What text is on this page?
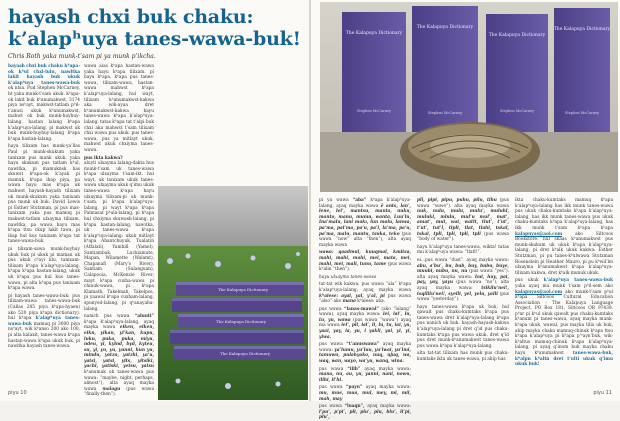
hayash chxi buk chaku:
k’alapʰuya tanes-wawa-buk!

Chris Roth yaka munk-t’sam pi ya munk p’ikcha.

hayash chxi buk chaku kʰapa-ok kʰul chxi-lulu, nawitka lakit hayash buk ukuk k’alapʰuya tanes-wawa-buk ok ntsa. Pud Stephen McCarney, ht yaka munk-t’sam ukuk. kʰapa-ok lakit buk kʰanumakwst, 3174 piya nsʰayt, makwst-tatlam pʰil-t’anusi ukuk kʰanumakwst, mahwt ok buk munk-huyhuy-lalang. hastan lalang kʰapa k’alapʰuya-lalang, pi makwst uk buk munk-huyhuy-lalang kʰapa kʰapa hastan-lalang.

hayu tilixam has munk-ya’llas Paul pi munk-skukum yaka tanixam pus munk ukuk. yaka hayu skukum pus tatlam kʰul, nawitka, pi mamuknsk has skuwst kʰapa-ok k’ayak pi mamuk. kʰapa ibap piya, pa wawa hayu mas kʰapa uk mahwst hayash-hayash tilixam uk munk-skukum yaka tanixam pus munk uk buk: David Lewis pi Esther Stutzman, pi pus mas-tanixam yaka pus mamuq pi makwst-tatlam ulxayma tilixam, nawitka, pa wawa hayu mas kʰapa ttsu ckup lakit tawa, pi ibap hul kus tanixam kʰapa tat tanes-wawa-buk.

pi tilixam-sawa munk-huyhuy ukuk buk pi ukuk pi maman uk pus ukuk cʰayi klu, tanixam-tilixam kʰapa k’alapʰuya-lalang. kʰapa kʰapa hastan-lalang, ukuk uk kʰapa pus hul kus tanes-wawa, pi alta kʰapa pus tanixam kʰapa wawa.

pi hayash tanes-wawa-buk: pus tilixam-wawa tanes-wawa-buk (Callas 285 piya kʰapa-hyaen) ako 520 piya kʰapa dictionary). hul kʰapa k’alapʰuya tanes-wawa-buk mamuq pi 3000 piya nsʰayt, wik kʰanso 200 ako 100, pi alta kalaxit, tanes-wawa kʰapa hastan-wawa kʰapa ukuk buk, pi nawitka hayash tanes-wawa.

wawa aias kʰapa hastan-wawa yaka hayu kʰapa tilixam. pi hayu kʰapa. kʰapa pus tanes-wawa, tilixam-wawa, hastan-wawa mahwst kʰapa k’alapʰuya-lalang, hul wayt, tilixam kʰanumakwst-kakwa aka wik-ayaa dret kʰanumakwst-kakwa hayu tanes-wawa kʰapa k’alapʰuya-lalang. tatas kʰapa tat t’alpi buk chxi aka mahwst t’sam tilixam chxi wawa pus ukuk. pus tanes-wawa, pus ya mitlayt ukuk, mahwst ukuk chxiyma tanes-wawa.

pus ikta kakwa?
aluyti ulxayma lalang-dakta hus munk-t’sam uk tanes-wawa kʰapa ulxayma t’sam-ikt. hul wayt, uk tanixam ukuk tanes-wawa ulxayma ukuk q’imu ukuk tanes-wawa kʰapa hayu ulxayma tilixam-pi uk munk-t’sam. pi kʰapa k’alapʰuya-lalang, pi wayt kʰapa kʰapa Palmasat pʰula-lalang, pi kʰapa hul chxiyma skuwash-lalang, pi kʰapa hastan-lalang, nawitka, uk tanes-wawa kʰapa k’alapʰuya-lalang: ukuk mitlayt kʰapa Ahantchuyuk, Tualatin (Atfalati), Yamhill (Yamel), Santiambak, Luckiamute, Mapan, Wilamette (Walamt), Chapanafi (Mary’s River), Santiam (Sulanguan), Calapooia, McKenzie River; mayt kʰapa cuxha-wawa pi chinuk-wawa, pi kʰapa Klamath, Takelmah, Takelpos, pi yaawal kʰapa cuxham-lalang, spunyod-lalang, pi qʰanayahu-lalang.

nanich pus wawa “aluuti” kʰapa k’alapʰuya-lalang, ayaq mayka wawa eiken, eiken, eikn, yikan, yi’kan, kupu, luku, puka, puka, miyu, ndeu, yi, kyind, byd, kyteu, su, yi, yu, yu, yunni, hun yu, mindu, yatzu, yatzhi, ya’u, yatsi, yatsi, yits, yitsiki, yachi, yatiski, yetsu, yatsu kʰanumak uk tanes-wawa pus wawa: “maybe, night, perhaps, almost”), alta ayaq mayka wawa malagu (pus wawa “finally-then”).

The Kalapuya Dictionary
The Kalapuya Dictionary
The Kalapuya Dictionary
piyu 10
The Kalapuya Dictionary
The Kalapuya Dictionary
The Kalapuya Dictionary
The Kalapuya Dictionary
Stephen McCarney	Stephen McCarney	Stephen McCarney	Stephen McCarney

pi ya wawa “aba” kʰapa k’alapʰuya-lalang, ayaq mayka wawa ē ants, lan’, lene, lei’, mantsu, manta, nuku, manto, manu, mumu, wanta, Luu’lu, Ina’malu, lani makı, lun malu, lanwa, pa’ma, pai’ma, pa’u, pa’i, la’ma, pa’u, pa’ma, malu, mantu, tsuka, teko (pus wawa “now” alta “then”), alta ayaq mayka wawa

wawa: qaadmul, kuuqmal, kmitsa, mahi, mahi, mahi, mei, mata, mei, mahi, mei, mali, tunu, tame (pus wawa kʰalin “then”).

hayu ulxayma tanes-wawa

tat-tat wik kakwa. pus wawa “ala” kʰapa k’alapʰuya-lalang, ayaq mayka wawa kʰalese: ayal, yal, y’al, pi pus wawa “also” ako mana kʰalese: aba.

pus wawa “lanas-mawal” (ako “lalang” wawa), ayaq mayka wawa: lei, lai’, lu, tu, yu, wawa (pus wawa “wawa”) ayaq ma wawa lei’, pli, lai’, li, lu, tu, iai, yu, yaai, yay, ia, yu, i yakli, yai, yi, yi, yiwa.

pus wawa “t’anuswawa” ayaq mayka wawa: ya’lumu, yu’luu, yu’lwai, yu’lmi, tamuwu, pulahyako, nuq, ujuq, wa, waq, wan, wayo, wa’yu, wanq, wina.

pus wawa “ilih” ayaq mayka wawa: mana, nu, au, yu, yanni, nani, nowu, illhi, il’hi.

pus wawa “payu” ayaq mayka wawa: mu, mue, mua, mul, mey, mi, mil, mah, may

pus wawa “luaqn”, ayaq mayka wawa: l’pu’, p’pi’, pli, plu’, plu, blu’, li’pi, plu’,

plī, pipi, pipu, puhu, pilu, tihu (pus wawa “suwe”). alta ayaq mayka wawa nuk, nulu, mulu, mulu’, muluhl, mulukl, mlulu, mul’u mul’, mat’, amat’, mut, wat, watlt, tlut’, t’ut’, t’ut’, tut’l, tlpli, tlat, tlahl, tskal, tskal, tpli, tpli, tpli, tpli (pus wawa “body of water”).

hayu k’alapʰuya tanes-wawa, wikta! tatas mu k’alapʰuya wawa: “tlatl!”.

ei...pus wawa “dust”. ayaq mayka wawa: abu, a’bu’, bu, bub, buy, bubu, buye, muubi, nubu, nu, nu (pus wawa “yes”). alta ayaq mayka wawa: hui, huy, pai, pay, yay, yayu (pus wawa “no”), alta ayaq mayka wawa: tsikilu’nei!, tsqililu’nei!, syelli, yel, yelu, yalli (pus wawa “yesterday”).

hayu tanes-wawa kʰapa uk buk, hul qawalt pus chaku-kumtaks kʰapa pus tanes-wawa dret k’alapʰuya-lalang kʰapa pus nanich uk buk. hayash-hayash-kakwa k’alapʰuya-lalang pi dret q’id pus chaku-kumtaks kʰapa pus wawa ukuk. dret q’id pus dret munk-kʰanumakwst tanes-wawa pus wawa kʰapa k’alapʰuya-lalang.

alta tat-tat tilixam has munk pus chaku-kumtaks ikta uk tanes-wawa, pi ahip has

ikta chaku-kumtaks mamuq kʰapa k’alapʰuya-lalang has ikk munk tanes-wawa pus ukuk chaku-kumtaks kʰapa k’alapʰuya-lalang, has ikk munk tanes-wawa pus ukuk chaku-kumtaks kʰapa k’alapʰuya-lalang, has ikk munk t’sam kʰapa kʰapa kalapuyas@aol.com	ako Siltcoos Bookstore. hul skaas kʰanumakwst pus munk-skukum uk ukuk kʰapa k’alapʰuya-lalang, pi dret kʰalk ukuk kakwa: Esther Stutzman, pi pu tanes-kʰulwawa Stutzman Rosenstein pi Heather Mauro, pi pu kʰwil’lm ulxayma kʰanumakwst kʰapa k’alapʰuya-tilixam kakwa, dret kʰalk munuk ukuk.

pus ukuk k’alapʰuya tanes-wawa-buk yaka ayaq mu munk t’sam pʰil-sem ako kalapuyas@aol.com ako munk-t’sam pʰul kʰapa Siltcoos Cultural Education Association - The Kalapuya Language Project, PO Box 181, Siltcoos OR 97439. pʰar pi kʰul ukuk qawalt pus chaku-kumtaks kʰanum pi tanes-wawa, ayaq mayka munk-kʰapa ukuk, wawal, pus mayka tilix uk buk, ahip mayka chaku mamuq-chinuk kʰapa ttsu kʰapa k’alapʰuya pi kʰapa p’ʰayn’buk, wik-kʰaltus mamuq-chinuk kʰapa k’alapʰuya-lalang, pi ayaq q’inom buk mayka chaku hayu kʰanumakwst tanes-wawa-buk, kʰalpn kʰaltn dret t’ulti ukuk q’imu ukuk buk!

piyu 11
